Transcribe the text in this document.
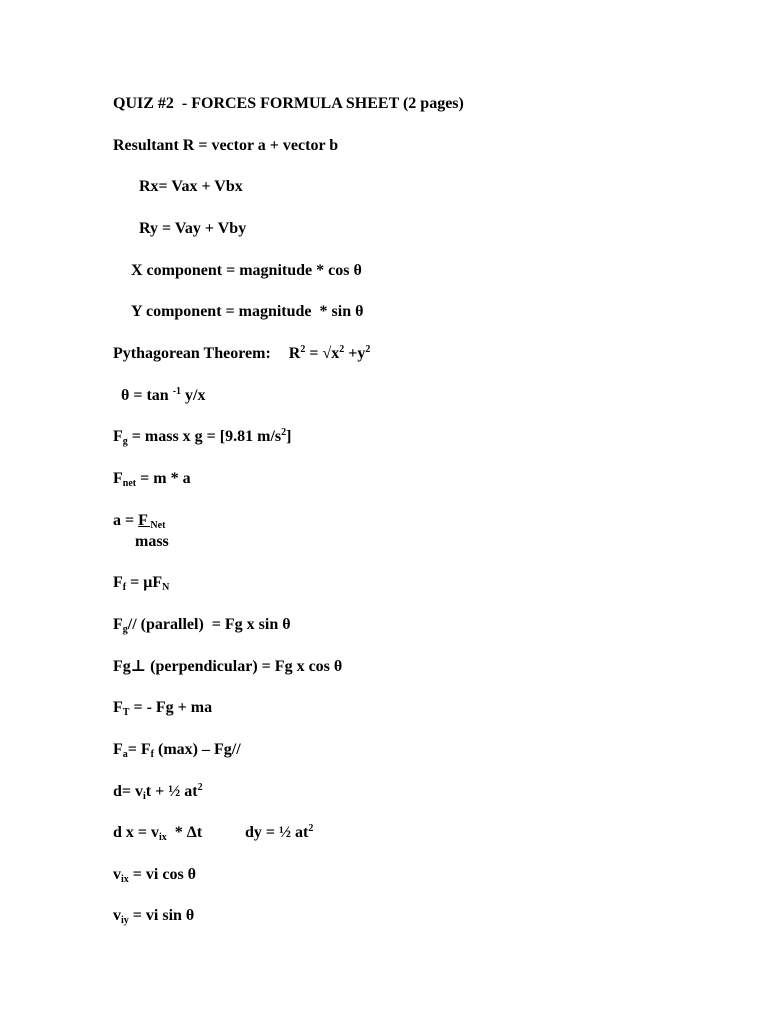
QUIZ #2  - FORCES FORMULA SHEET (2 pages)
Resultant R = vector a + vector b
Rx= Vax + Vbx
Ry = Vay + Vby
X component = magnitude * cos θ
Y component = magnitude  * sin θ
Pythagorean Theorem: $R^2 = √x^2 +y^2$
θ = tan $^{-1}$ y/x
$F_g$ = mass x g = [9.81 $m/s^2$]
$F_{net} = m * a$
a = F $_{Net}$
mass
$F_f = \mu F_N$
$F_g//$ (parallel)  = Fg x sin θ
Fg⊥ (perpendicular) = Fg x cos θ
$F_T$ = - Fg + ma
$F_a= F_f$ (max) – Fg//
$d= v_it$ + ½ $at^2$
d $x = v_{ix} * \Delta t$	dy = ½ $at^2$
$v_{ix}$ = vi cos θ
$v_{iy}$ = vi sin θ
